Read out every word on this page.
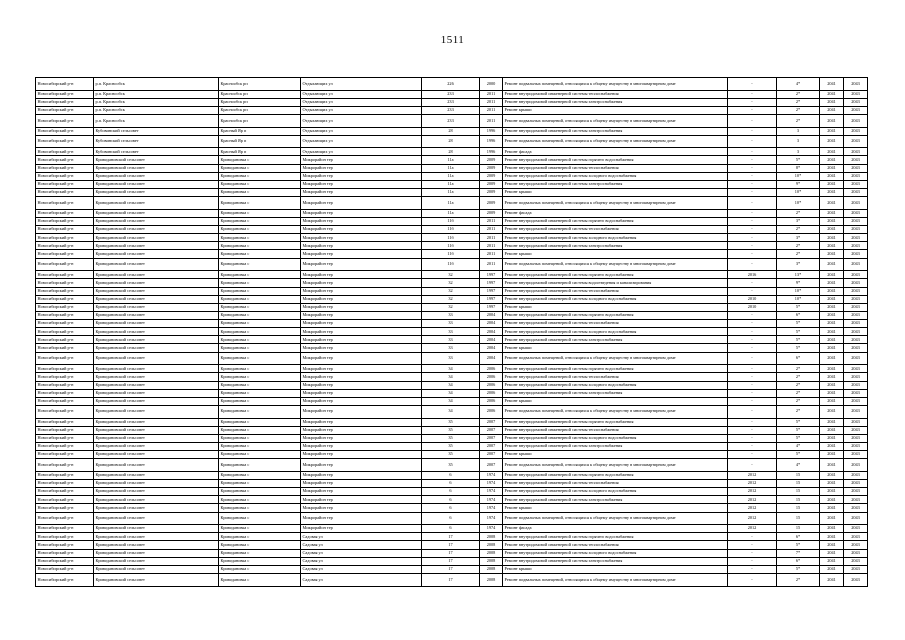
1511
Новосибирский р-н	р.п. Краснообск	Краснообск рп	Отдыхающих ул	226	2000	Ремонт подвальных помещений, относящихся к общему имуществу в многоквартирном доме	-	4*	2041	2043
Новосибирский р-н	р.п. Краснообск	Краснообск рп	Отдыхающих ул	233	2011	Ремонт внутридомовой инженерной системы теплоснабжения	-	2*	2041	2043
Новосибирский р-н	р.п. Краснообск	Краснообск рп	Отдыхающих ул	233	2011	Ремонт внутридомовой инженерной системы электроснабжения	-	2*	2041	2043
Новосибирский р-н	р.п. Краснообск	Краснообск рп	Отдыхающих ул	233	2011	Ремонт крыши	-	2*	2041	2043
Новосибирский р-н	р.п. Краснообск	Краснообск рп	Отдыхающих ул	233	2011	Ремонт подвальных помещений, относящихся к общему имуществу в многоквартирном доме	-	2*	2041	2043
Новосибирский р-н	Кубовинский сельсовет	Красный Яр п	Отдыхающих ул	28	1996	Ремонт внутридомовой инженерной системы электроснабжения	-	3	2041	2043
Новосибирский р-н	Кубовинский сельсовет	Красный Яр п	Отдыхающих ул	28	1996	Ремонт подвальных помещений, относящихся к общему имуществу в многоквартирном доме	-	3	2041	2043
Новосибирский р-н	Кубовинский сельсовет	Красный Яр п	Отдыхающих ул	28	1996	Ремонт фасада	-	3	2041	2043
Новосибирский р-н	Криводановский сельсовет	Криводановка с	Микрорайон тер	11а	2009	Ремонт внутридомовой инженерной системы горячего водоснабжения	-	5*	2041	2043
Новосибирский р-н	Криводановский сельсовет	Криводановка с	Микрорайон тер	11а	2009	Ремонт внутридомовой инженерной системы теплоснабжения	-	8*	2041	2043
Новосибирский р-н	Криводановский сельсовет	Криводановка с	Микрорайон тер	11а	2009	Ремонт внутридомовой инженерной системы холодного водоснабжения	-	10*	2041	2043
Новосибирский р-н	Криводановский сельсовет	Криводановка с	Микрорайон тер	11а	2009	Ремонт внутридомовой инженерной системы электроснабжения	-	9*	2041	2043
Новосибирский р-н	Криводановский сельсовет	Криводановка с	Микрорайон тер	11а	2009	Ремонт крыши	-	10*	2041	2043
Новосибирский р-н	Криводановский сельсовет	Криводановка с	Микрорайон тер	11а	2009	Ремонт подвальных помещений, относящихся к общему имуществу в многоквартирном доме	-	10*	2041	2043
Новосибирский р-н	Криводановский сельсовет	Криводановка с	Микрорайон тер	11а	2009	Ремонт фасада	-	2*	2041	2043
Новосибирский р-н	Криводановский сельсовет	Криводановка с	Микрорайон тер	11б	2011	Ремонт внутридомовой инженерной системы горячего водоснабжения	-	3*	2041	2043
Новосибирский р-н	Криводановский сельсовет	Криводановка с	Микрорайон тер	11б	2011	Ремонт внутридомовой инженерной системы теплоснабжения	-	2*	2041	2043
Новосибирский р-н	Криводановский сельсовет	Криводановка с	Микрорайон тер	11б	2011	Ремонт внутридомовой инженерной системы холодного водоснабжения	-	3*	2041	2043
Новосибирский р-н	Криводановский сельсовет	Криводановка с	Микрорайон тер	11б	2011	Ремонт внутридомовой инженерной системы электроснабжения	-	2*	2041	2043
Новосибирский р-н	Криводановский сельсовет	Криводановка с	Микрорайон тер	11б	2011	Ремонт крыши	-	2*	2041	2043
Новосибирский р-н	Криводановский сельсовет	Криводановка с	Микрорайон тер	11б	2011	Ремонт подвальных помещений, относящихся к общему имуществу в многоквартирном доме	-	3*	2041	2043
Новосибирский р-н	Криводановский сельсовет	Криводановка с	Микрорайон тер	32	1997	Ремонт внутридомовой инженерной системы горячего водоснабжения	2016	13*	2041	2043
Новосибирский р-н	Криводановский сельсовет	Криводановка с	Микрорайон тер	32	1997	Ремонт внутридомовой инженерной системы водоотведения и канализирования	-	9*	2041	2043
Новосибирский р-н	Криводановский сельсовет	Криводановка с	Микрорайон тер	32	1997	Ремонт внутридомовой инженерной системы теплоснабжения	-	10*	2041	2043
Новосибирский р-н	Криводановский сельсовет	Криводановка с	Микрорайон тер	32	1997	Ремонт внутридомовой инженерной системы холодного водоснабжения	2010	10*	2041	2043
Новосибирский р-н	Криводановский сельсовет	Криводановка с	Микрорайон тер	32	1997	Ремонт крыши	2010	5*	2041	2043
Новосибирский р-н	Криводановский сельсовет	Криводановка с	Микрорайон тер	33	2004	Ремонт внутридомовой инженерной системы горячего водоснабжения	-	6*	2041	2043
Новосибирский р-н	Криводановский сельсовет	Криводановка с	Микрорайон тер	33	2004	Ремонт внутридомовой инженерной системы теплоснабжения	-	5*	2041	2043
Новосибирский р-н	Криводановский сельсовет	Криводановка с	Микрорайон тер	33	2004	Ремонт внутридомовой инженерной системы холодного водоснабжения	-	5*	2041	2043
Новосибирский р-н	Криводановский сельсовет	Криводановка с	Микрорайон тер	33	2004	Ремонт внутридомовой инженерной системы электроснабжения	-	5*	2041	2043
Новосибирский р-н	Криводановский сельсовет	Криводановка с	Микрорайон тер	33	2004	Ремонт крыши	-	5*	2041	2043
Новосибирский р-н	Криводановский сельсовет	Криводановка с	Микрорайон тер	33	2004	Ремонт подвальных помещений, относящихся к общему имуществу в многоквартирном доме	-	6*	2041	2043
Новосибирский р-н	Криводановский сельсовет	Криводановка с	Микрорайон тер	34	2006	Ремонт внутридомовой инженерной системы горячего водоснабжения	-	2*	2041	2043
Новосибирский р-н	Криводановский сельсовет	Криводановка с	Микрорайон тер	34	2006	Ремонт внутридомовой инженерной системы теплоснабжения	-	2*	2041	2043
Новосибирский р-н	Криводановский сельсовет	Криводановка с	Микрорайон тер	34	2006	Ремонт внутридомовой инженерной системы холодного водоснабжения	-	2*	2041	2043
Новосибирский р-н	Криводановский сельсовет	Криводановка с	Микрорайон тер	34	2006	Ремонт внутридомовой инженерной системы электроснабжения	-	2*	2041	2043
Новосибирский р-н	Криводановский сельсовет	Криводановка с	Микрорайон тер	34	2006	Ремонт крыши	-	2*	2041	2043
Новосибирский р-н	Криводановский сельсовет	Криводановка с	Микрорайон тер	34	2006	Ремонт подвальных помещений, относящихся к общему имуществу в многоквартирном доме	-	2*	2041	2043
Новосибирский р-н	Криводановский сельсовет	Криводановка с	Микрорайон тер	35	2007	Ремонт внутридомовой инженерной системы горячего водоснабжения	-	5*	2041	2043
Новосибирский р-н	Криводановский сельсовет	Криводановка с	Микрорайон тер	35	2007	Ремонт внутридомовой инженерной системы теплоснабжения	-	5*	2041	2043
Новосибирский р-н	Криводановский сельсовет	Криводановка с	Микрорайон тер	35	2007	Ремонт внутридомовой инженерной системы холодного водоснабжения	-	5*	2041	2043
Новосибирский р-н	Криводановский сельсовет	Криводановка с	Микрорайон тер	35	2007	Ремонт внутридомовой инженерной системы электроснабжения	-	4*	2041	2043
Новосибирский р-н	Криводановский сельсовет	Криводановка с	Микрорайон тер	35	2007	Ремонт крыши	-	5*	2041	2043
Новосибирский р-н	Криводановский сельсовет	Криводановка с	Микрорайон тер	35	2007	Ремонт подвальных помещений, относящихся к общему имуществу в многоквартирном доме	-	4*	2041	2043
Новосибирский р-н	Криводановский сельсовет	Криводановка с	Микрорайон тер	6	1974	Ремонт внутридомовой инженерной системы горячего водоснабжения	2012	15	2041	2043
Новосибирский р-н	Криводановский сельсовет	Криводановка с	Микрорайон тер	6	1974	Ремонт внутридомовой инженерной системы теплоснабжения	2012	15	2041	2043
Новосибирский р-н	Криводановский сельсовет	Криводановка с	Микрорайон тер	6	1974	Ремонт внутридомовой инженерной системы холодного водоснабжения	2012	15	2041	2043
Новосибирский р-н	Криводановский сельсовет	Криводановка с	Микрорайон тер	6	1974	Ремонт внутридомовой инженерной системы электроснабжения	2012	15	2041	2043
Новосибирский р-н	Криводановский сельсовет	Криводановка с	Микрорайон тер	6	1974	Ремонт крыши	2012	15	2041	2043
Новосибирский р-н	Криводановский сельсовет	Криводановка с	Микрорайон тер	6	1974	Ремонт подвальных помещений, относящихся к общему имуществу в многоквартирном доме	2012	15	2041	2043
Новосибирский р-н	Криводановский сельсовет	Криводановка с	Микрорайон тер	6	1974	Ремонт фасада	2012	15	2041	2043
Новосибирский р-н	Криводановский сельсовет	Криводановка с	Садовая ул	17	2008	Ремонт внутридомовой инженерной системы горячего водоснабжения	-	6*	2041	2043
Новосибирский р-н	Криводановский сельсовет	Криводановка с	Садовая ул	17	2008	Ремонт внутридомовой инженерной системы теплоснабжения	-	5*	2041	2043
Новосибирский р-н	Криводановский сельсовет	Криводановка с	Садовая ул	17	2008	Ремонт внутридомовой инженерной системы холодного водоснабжения	-	7*	2041	2043
Новосибирский р-н	Криводановский сельсовет	Криводановка с	Садовая ул	17	2008	Ремонт внутридомовой инженерной системы электроснабжения	-	6*	2041	2043
Новосибирский р-н	Криводановский сельсовет	Криводановка с	Садовая ул	17	2008	Ремонт крыши	-	5*	2041	2043
Новосибирский р-н	Криводановский сельсовет	Криводановка с	Садовая ул	17	2008	Ремонт подвальных помещений, относящихся к общему имуществу в многоквартирном доме	-	2*	2041	2043
